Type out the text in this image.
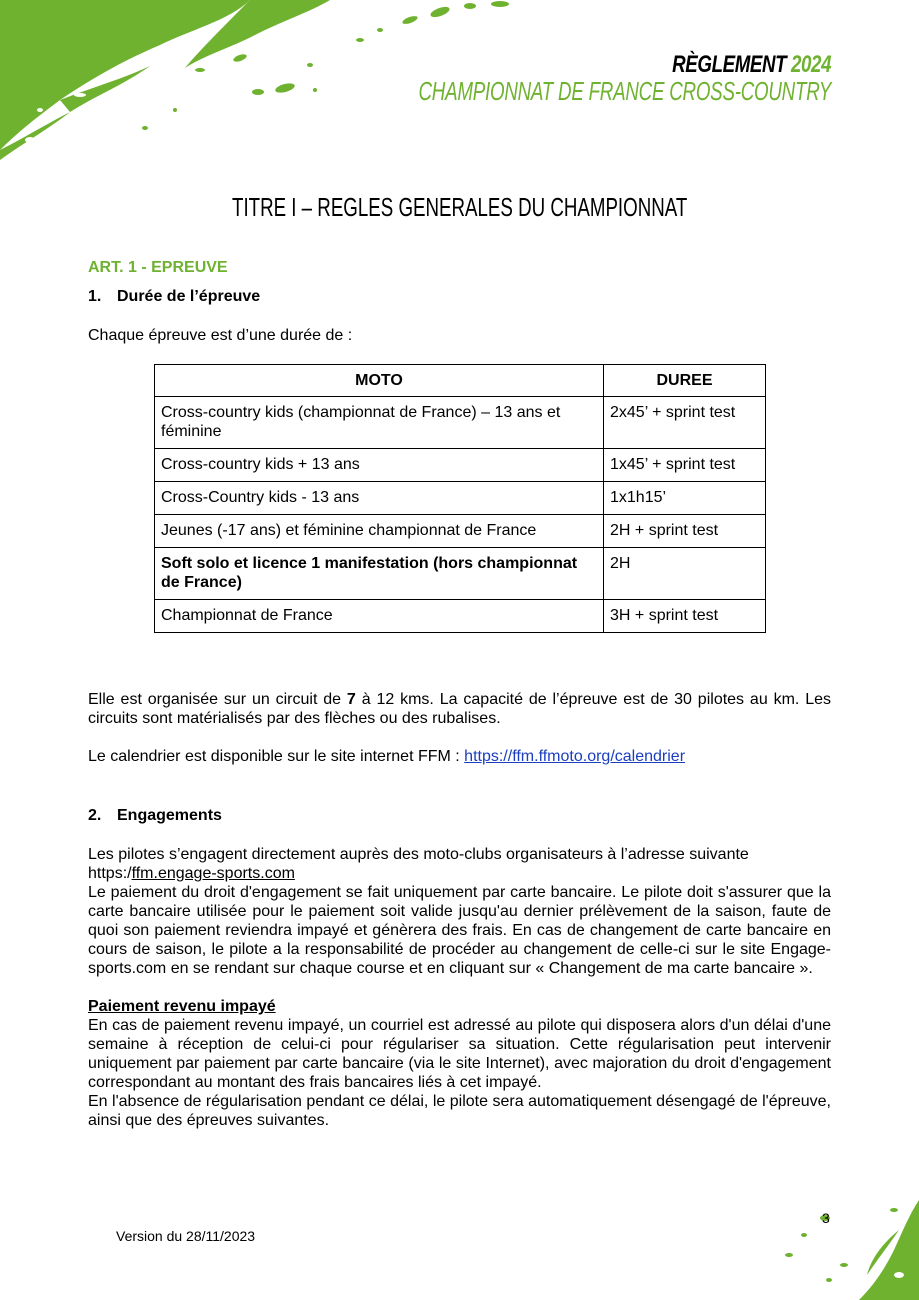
RÈGLEMENT 2024
CHAMPIONNAT DE FRANCE CROSS-COUNTRY
TITRE I – REGLES GENERALES DU CHAMPIONNAT

ART. 1 - EPREUVE

1. Durée de l’épreuve

Chaque épreuve est d’une durée de :

MOTO	DUREE
Cross-country kids (championnat de France) – 13 ans et féminine	2x45’ + sprint test
Cross-country kids + 13 ans	1x45’ + sprint test
Cross-Country kids - 13 ans	1x1h15’
Jeunes (-17 ans) et féminine championnat de France	2H + sprint test
Soft solo et licence 1 manifestation (hors championnat de France)	2H
Championnat de France	3H + sprint test

Elle est organisée sur un circuit de 7 à 12 kms. La capacité de l’épreuve est de 30 pilotes au km. Les circuits sont matérialisés par des flèches ou des rubalises.

Le calendrier est disponible sur le site internet FFM : https://ffm.ffmoto.org/calendrier

2. Engagements

Les pilotes s’engagent directement auprès des moto-clubs organisateurs à l’adresse suivante

https:/ffm.engage-sports.com

Le paiement du droit d'engagement se fait uniquement par carte bancaire. Le pilote doit s'assurer que la carte bancaire utilisée pour le paiement soit valide jusqu'au dernier prélèvement de la saison, faute de quoi son paiement reviendra impayé et génèrera des frais. En cas de changement de carte bancaire en cours de saison, le pilote a la responsabilité de procéder au changement de celle-ci sur le site Engage-sports.com en se rendant sur chaque course et en cliquant sur « Changement de ma carte bancaire ».

Paiement revenu impayé

En cas de paiement revenu impayé, un courriel est adressé au pilote qui disposera alors d'un délai d'une semaine à réception de celui-ci pour régulariser sa situation. Cette régularisation peut intervenir uniquement par paiement par carte bancaire (via le site Internet), avec majoration du droit d'engagement correspondant au montant des frais bancaires liés à cet impayé.

En l'absence de régularisation pendant ce délai, le pilote sera automatiquement désengagé de l'épreuve, ainsi que des épreuves suivantes.

Version du 28/11/2023
3
